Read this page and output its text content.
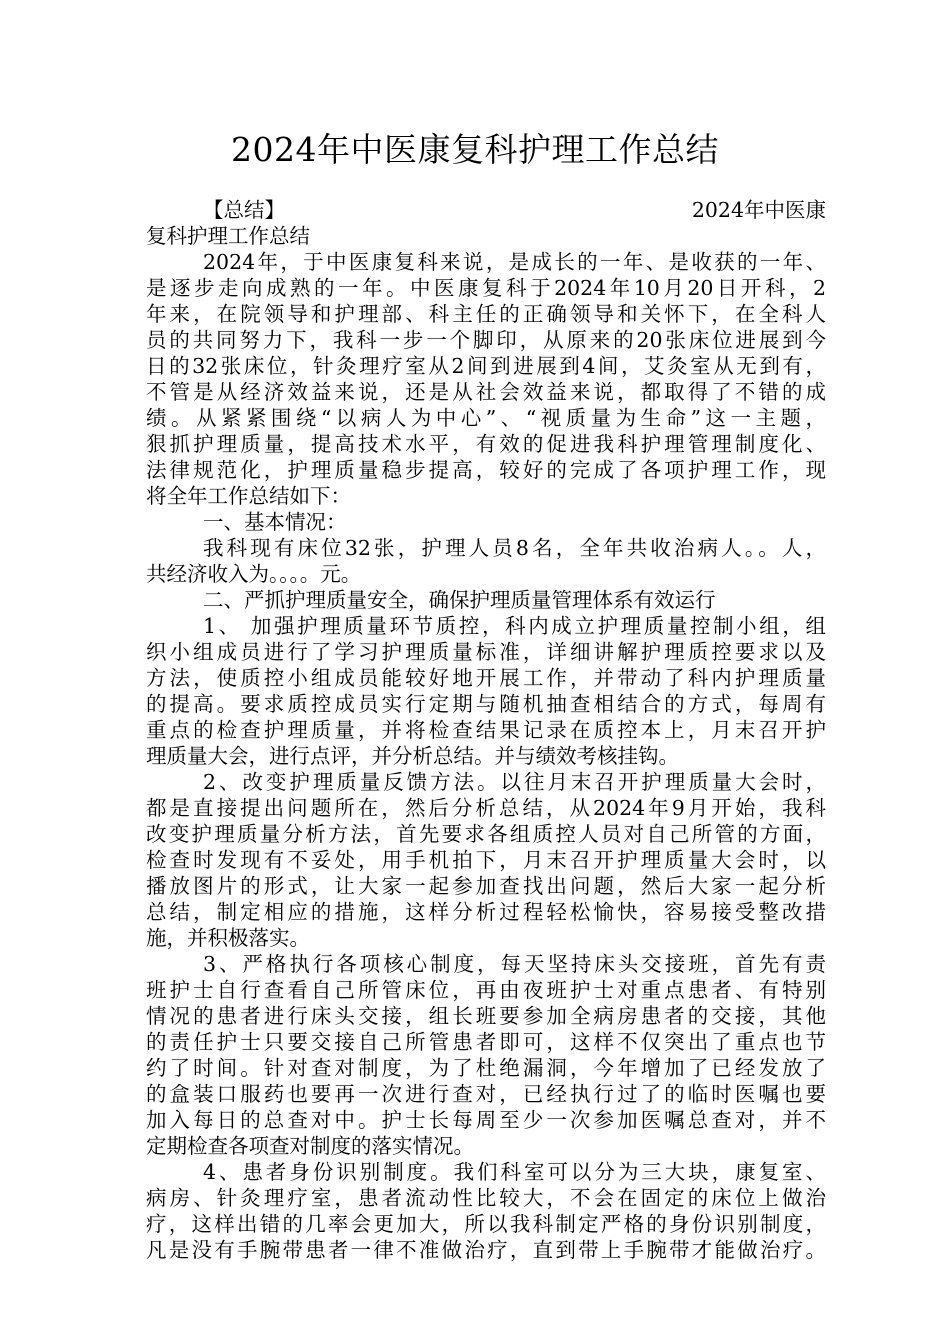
2024年中医康复科护理工作总结
【总结】	2024年中医康
复科护理工作总结
2024年，于中医康复科来说，是成长的一年、是收获的一年、
是逐步走向成熟的一年。中医康复科于2024年10月20日开科，2
年来，在院领导和护理部、科主任的正确领导和关怀下，在全科人
员的共同努力下，我科一步一个脚印，从原来的20张床位进展到今
日的32张床位，针灸理疗室从2间到进展到4间，艾灸室从无到有，
不管是从经济效益来说，还是从社会效益来说，都取得了不错的成
绩。从紧紧围绕“以病人为中心”、“视质量为生命”这一主题，
狠抓护理质量，提高技术水平，有效的促进我科护理管理制度化、
法律规范化，护理质量稳步提高，较好的完成了各项护理工作，现
将全年工作总结如下：
一、基本情况：
我科现有床位32张，护理人员8名，全年共收治病人。。人，
共经济收入为。。。。元。
二、严抓护理质量安全，确保护理质量管理体系有效运行
1、 加强护理质量环节质控，科内成立护理质量控制小组，组
织小组成员进行了学习护理质量标准，详细讲解护理质控要求以及
方法，使质控小组成员能较好地开展工作，并带动了科内护理质量
的提高。要求质控成员实行定期与随机抽查相结合的方式，每周有
重点的检查护理质量，并将检查结果记录在质控本上，月末召开护
理质量大会，进行点评，并分析总结。并与绩效考核挂钩。
2、改变护理质量反馈方法。以往月末召开护理质量大会时，
都是直接提出问题所在，然后分析总结，从2024年9月开始，我科
改变护理质量分析方法，首先要求各组质控人员对自己所管的方面，
检查时发现有不妥处，用手机拍下，月末召开护理质量大会时，以
播放图片的形式，让大家一起参加查找出问题，然后大家一起分析
总结，制定相应的措施，这样分析过程轻松愉快，容易接受整改措
施，并积极落实。
3、严格执行各项核心制度，每天坚持床头交接班，首先有责
班护士自行查看自己所管床位，再由夜班护士对重点患者、有特别
情况的患者进行床头交接，组长班要参加全病房患者的交接，其他
的责任护士只要交接自己所管患者即可，这样不仅突出了重点也节
约了时间。针对查对制度，为了杜绝漏洞，今年增加了已经发放了
的盒装口服药也要再一次进行查对，已经执行过了的临时医嘱也要
加入每日的总查对中。护士长每周至少一次参加医嘱总查对，并不
定期检查各项查对制度的落实情况。
4、患者身份识别制度。我们科室可以分为三大块，康复室、
病房、针灸理疗室，患者流动性比较大，不会在固定的床位上做治
疗，这样出错的几率会更加大，所以我科制定严格的身份识别制度，
凡是没有手腕带患者一律不准做治疗，直到带上手腕带才能做治疗。
